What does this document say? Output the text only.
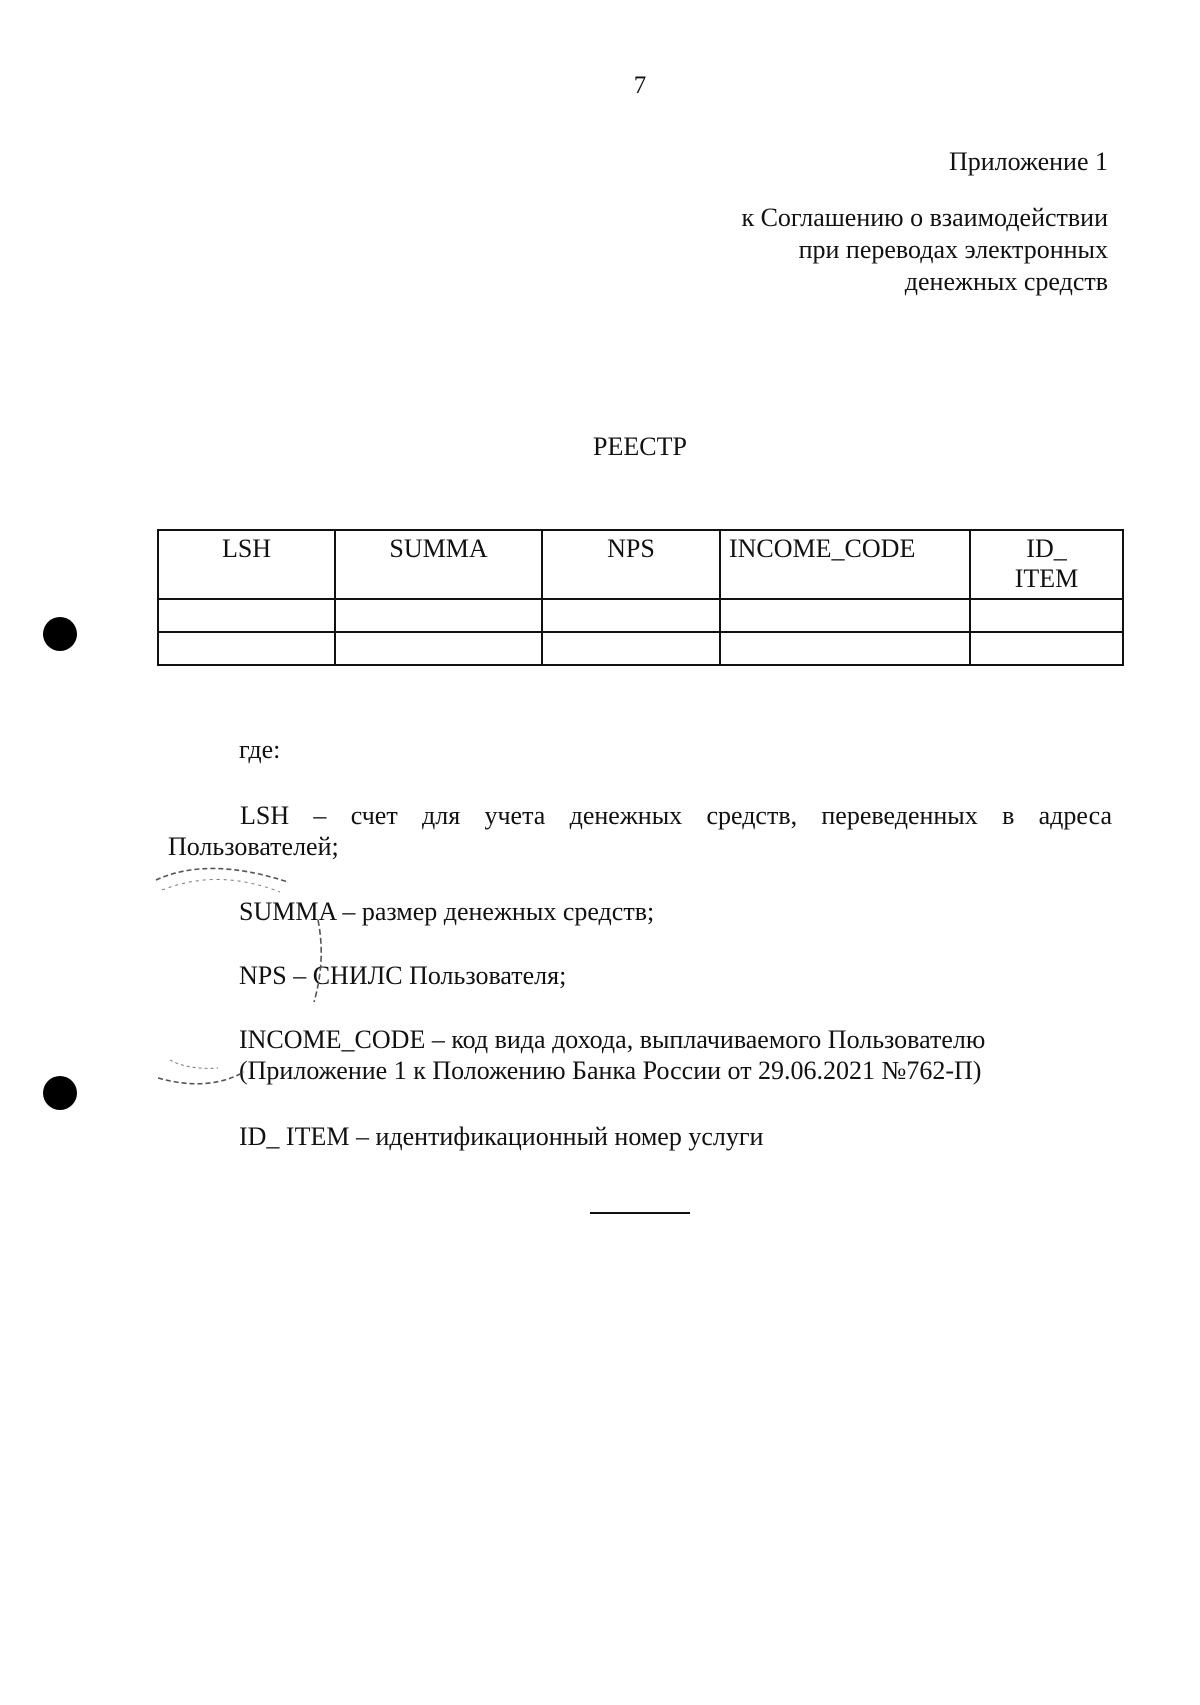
7
Приложение 1
к Соглашению о взаимодействии
при переводах электронных
денежных средств
РЕЕСТР
LSH	SUMMA	NPS	INCOME_CODE	ID_ ITEM

где:
LSH – счет для учета денежных средств, переведенных в адреса Пользователей;
SUMMA – размер денежных средств;
NPS – СНИЛС Пользователя;
INCOME_CODE – код вида дохода, выплачиваемого Пользователю
(Приложение 1 к Положению Банка России от 29.06.2021 №762-П)
ID_ ITEM – идентификационный номер услуги
